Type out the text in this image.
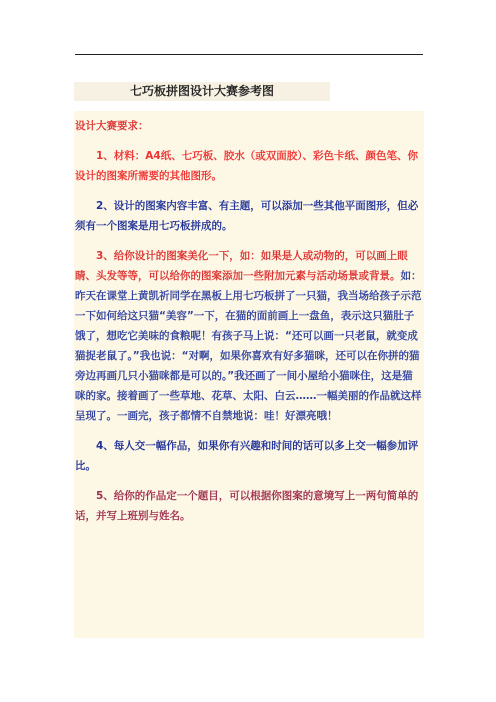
七巧板拼图设计大赛参考图

设计大赛要求：

1、材料：A4纸、七巧板、胶水（或双面胶）、彩色卡纸、颜色笔、你设计的图案所需要的其他图形。

2、设计的图案内容丰富、有主题，可以添加一些其他平面图形，但必须有一个图案是用七巧板拼成的。

3、给你设计的图案美化一下，如：如果是人或动物的，可以画上眼睛、头发等等，可以给你的图案添加一些附加元素与活动场景或背景。如：昨天在课堂上黄凯祈同学在黑板上用七巧板拼了一只猫，我当场给孩子示范一下如何给这只猫“美容”一下，在猫的面前画上一盘鱼，表示这只猫肚子饿了，想吃它美味的食粮呢！有孩子马上说：“还可以画一只老鼠，就变成猫捉老鼠了。”我也说：“对啊，如果你喜欢有好多猫咪，还可以在你拼的猫旁边再画几只小猫咪都是可以的。”我还画了一间小屋给小猫咪住，这是猫咪的家。接着画了一些草地、花草、太阳、白云……一幅美丽的作品就这样呈现了。一画完，孩子都情不自禁地说：哇！好漂亮哦！

4、每人交一幅作品，如果你有兴趣和时间的话可以多上交一幅参加评比。

5、给你的作品定一个题目，可以根据你图案的意境写上一两句简单的话，并写上班别与姓名。
